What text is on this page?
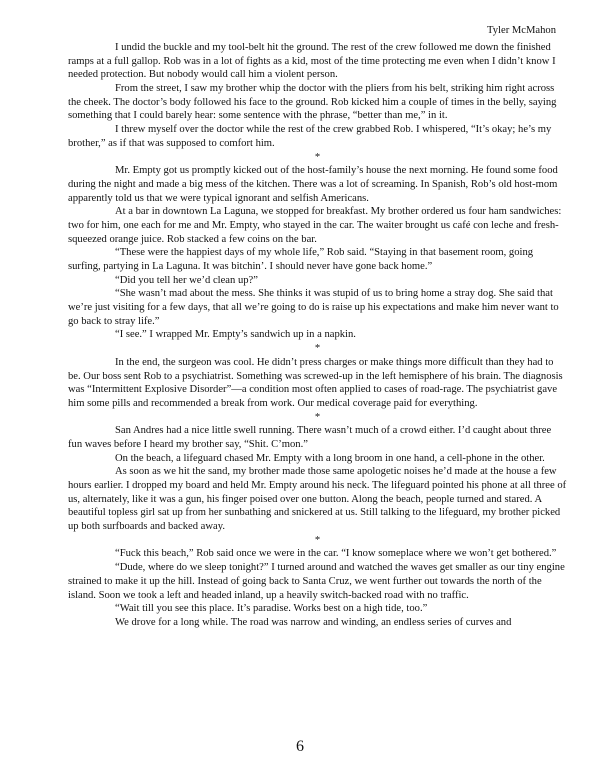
Tyler McMahon

I undid the buckle and my tool-belt hit the ground. The rest of the crew followed me down the finished ramps at a full gallop. Rob was in a lot of fights as a kid, most of the time protecting me even when I didn’t know I needed protection. But nobody would call him a violent person.

From the street, I saw my brother whip the doctor with the pliers from his belt, striking him right across the cheek. The doctor’s body followed his face to the ground. Rob kicked him a couple of times in the belly, saying something that I could barely hear: some sentence with the phrase, “better than me,” in it.

I threw myself over the doctor while the rest of the crew grabbed Rob. I whispered, “It’s okay; he’s my brother,” as if that was supposed to comfort him.

*

Mr. Empty got us promptly kicked out of the host-family’s house the next morning. He found some food during the night and made a big mess of the kitchen. There was a lot of screaming. In Spanish, Rob’s old host-mom apparently told us that we were typical ignorant and selfish Americans.

At a bar in downtown La Laguna, we stopped for breakfast. My brother ordered us four ham sandwiches: two for him, one each for me and Mr. Empty, who stayed in the car. The waiter brought us café con leche and fresh-squeezed orange juice. Rob stacked a few coins on the bar.

“These were the happiest days of my whole life,” Rob said. “Staying in that basement room, going surfing, partying in La Laguna. It was bitchin’. I should never have gone back home.”

“Did you tell her we’d clean up?”

“She wasn’t mad about the mess. She thinks it was stupid of us to bring home a stray dog. She said that we’re just visiting for a few days, that all we’re going to do is raise up his expectations and make him never want to go back to stray life.”

“I see.” I wrapped Mr. Empty’s sandwich up in a napkin.

*

In the end, the surgeon was cool. He didn’t press charges or make things more difficult than they had to be. Our boss sent Rob to a psychiatrist. Something was screwed-up in the left hemisphere of his brain. The diagnosis was “Intermittent Explosive Disorder”—a condition most often applied to cases of road-rage. The psychiatrist gave him some pills and recommended a break from work. Our medical coverage paid for everything.

*

San Andres had a nice little swell running. There wasn’t much of a crowd either. I’d caught about three fun waves before I heard my brother say, “Shit. C’mon.”

On the beach, a lifeguard chased Mr. Empty with a long broom in one hand, a cell-phone in the other.

As soon as we hit the sand, my brother made those same apologetic noises he’d made at the house a few hours earlier. I dropped my board and held Mr. Empty around his neck. The lifeguard pointed his phone at all three of us, alternately, like it was a gun, his finger poised over one button. Along the beach, people turned and stared. A beautiful topless girl sat up from her sunbathing and snickered at us. Still talking to the lifeguard, my brother picked up both surfboards and backed away.

*

“Fuck this beach,” Rob said once we were in the car. “I know someplace where we won’t get bothered.”

“Dude, where do we sleep tonight?” I turned around and watched the waves get smaller as our tiny engine strained to make it up the hill. Instead of going back to Santa Cruz, we went further out towards the north of the island. Soon we took a left and headed inland, up a heavily switch-backed road with no traffic.

“Wait till you see this place. It’s paradise. Works best on a high tide, too.”

We drove for a long while. The road was narrow and winding, an endless series of curves and

6
